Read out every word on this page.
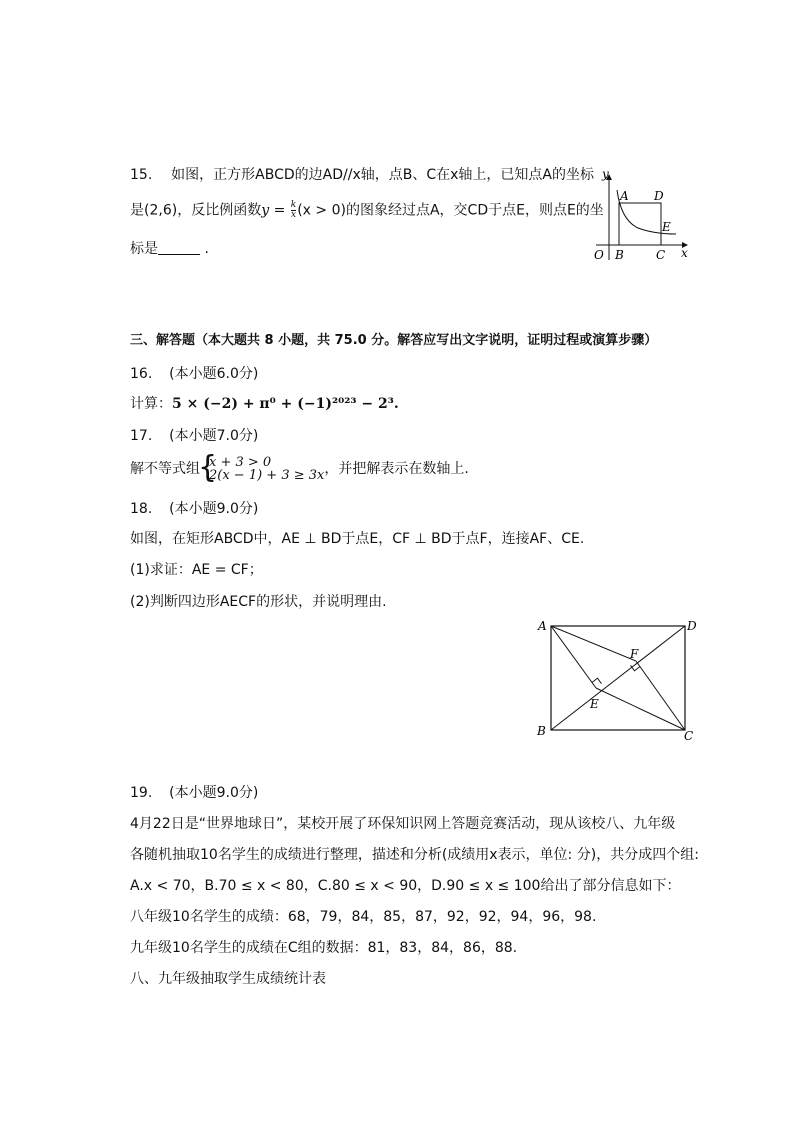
15. 如图，正方形ABCD的边AD//x轴，点B、C在x轴上，已知点A的坐标
是(2,6)，反比例函数$y = \frac{k}{x} (x > 0)$的图象经过点A，交CD于点E，则点E的坐
标是	.
y
x
O
A
B	C
D
E
三、解答题（本大题共 8 小题，共 75.0 分。解答应写出文字说明，证明过程或演算步骤）
16. (本小题6.0分)
计算：5 × (−2) + π⁰ + (−1)²⁰²³ − 2³.
17. (本小题7.0分)
解不等式组
{ x + 3 > 0
2(x − 1) + 3 ≥ 3x ，并把解表示在数轴上.
18. (本小题9.0分)
如图，在矩形ABCD中，AE ⊥ BD于点E，CF ⊥ BD于点F，连接AF、CE.
(1)求证：AE = CF；
(2)判断四边形AECF的形状，并说明理由.
A	D
B	C
E
F
19. (本小题9.0分)
4月22日是“世界地球日”，某校开展了环保知识网上答题竞赛活动，现从该校八、九年级
各随机抽取10名学生的成绩进行整理，描述和分析(成绩用x表示，单位: 分)，共分成四个组:
A.x < 70，B.70 ≤ x < 80，C.80 ≤ x < 90，D.90 ≤ x ≤ 100给出了部分信息如下：
八年级10名学生的成绩：68，79，84，85，87，92，92，94，96，98.
九年级10名学生的成绩在C组的数据：81，83，84，86，88.
八、九年级抽取学生成绩统计表
